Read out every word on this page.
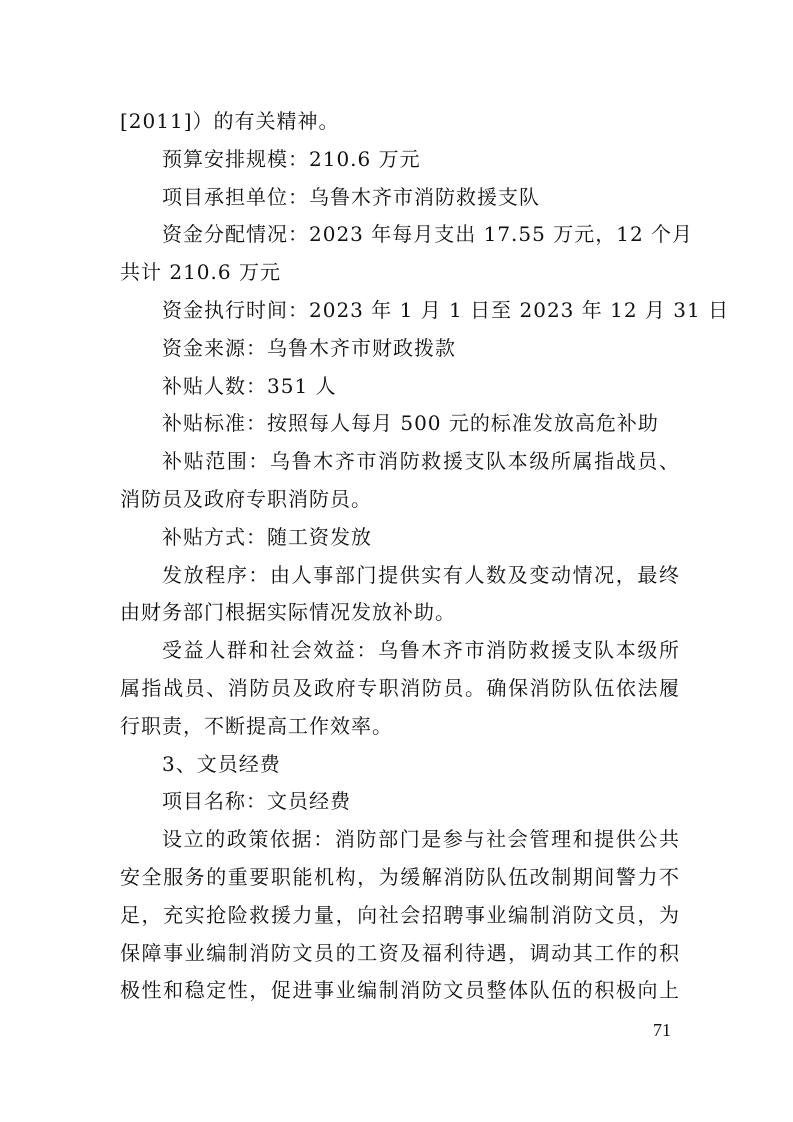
[2011]）的有关精神。
预算安排规模：210.6 万元
项目承担单位：乌鲁木齐市消防救援支队
资金分配情况：2023 年每月支出 17.55 万元，12 个月
共计 210.6 万元
资金执行时间：2023 年 1 月 1 日至 2023 年 12 月 31 日
资金来源：乌鲁木齐市财政拨款
补贴人数：351 人
补贴标准：按照每人每月 500 元的标准发放高危补助
补贴范围：乌鲁木齐市消防救援支队本级所属指战员、
消防员及政府专职消防员。
补贴方式：随工资发放
发放程序：由人事部门提供实有人数及变动情况，最终
由财务部门根据实际情况发放补助。
受益人群和社会效益：乌鲁木齐市消防救援支队本级所
属指战员、消防员及政府专职消防员。确保消防队伍依法履
行职责，不断提高工作效率。
3、文员经费
项目名称：文员经费
设立的政策依据：消防部门是参与社会管理和提供公共
安全服务的重要职能机构，为缓解消防队伍改制期间警力不
足，充实抢险救援力量，向社会招聘事业编制消防文员，为
保障事业编制消防文员的工资及福利待遇，调动其工作的积
极性和稳定性，促进事业编制消防文员整体队伍的积极向上
71
